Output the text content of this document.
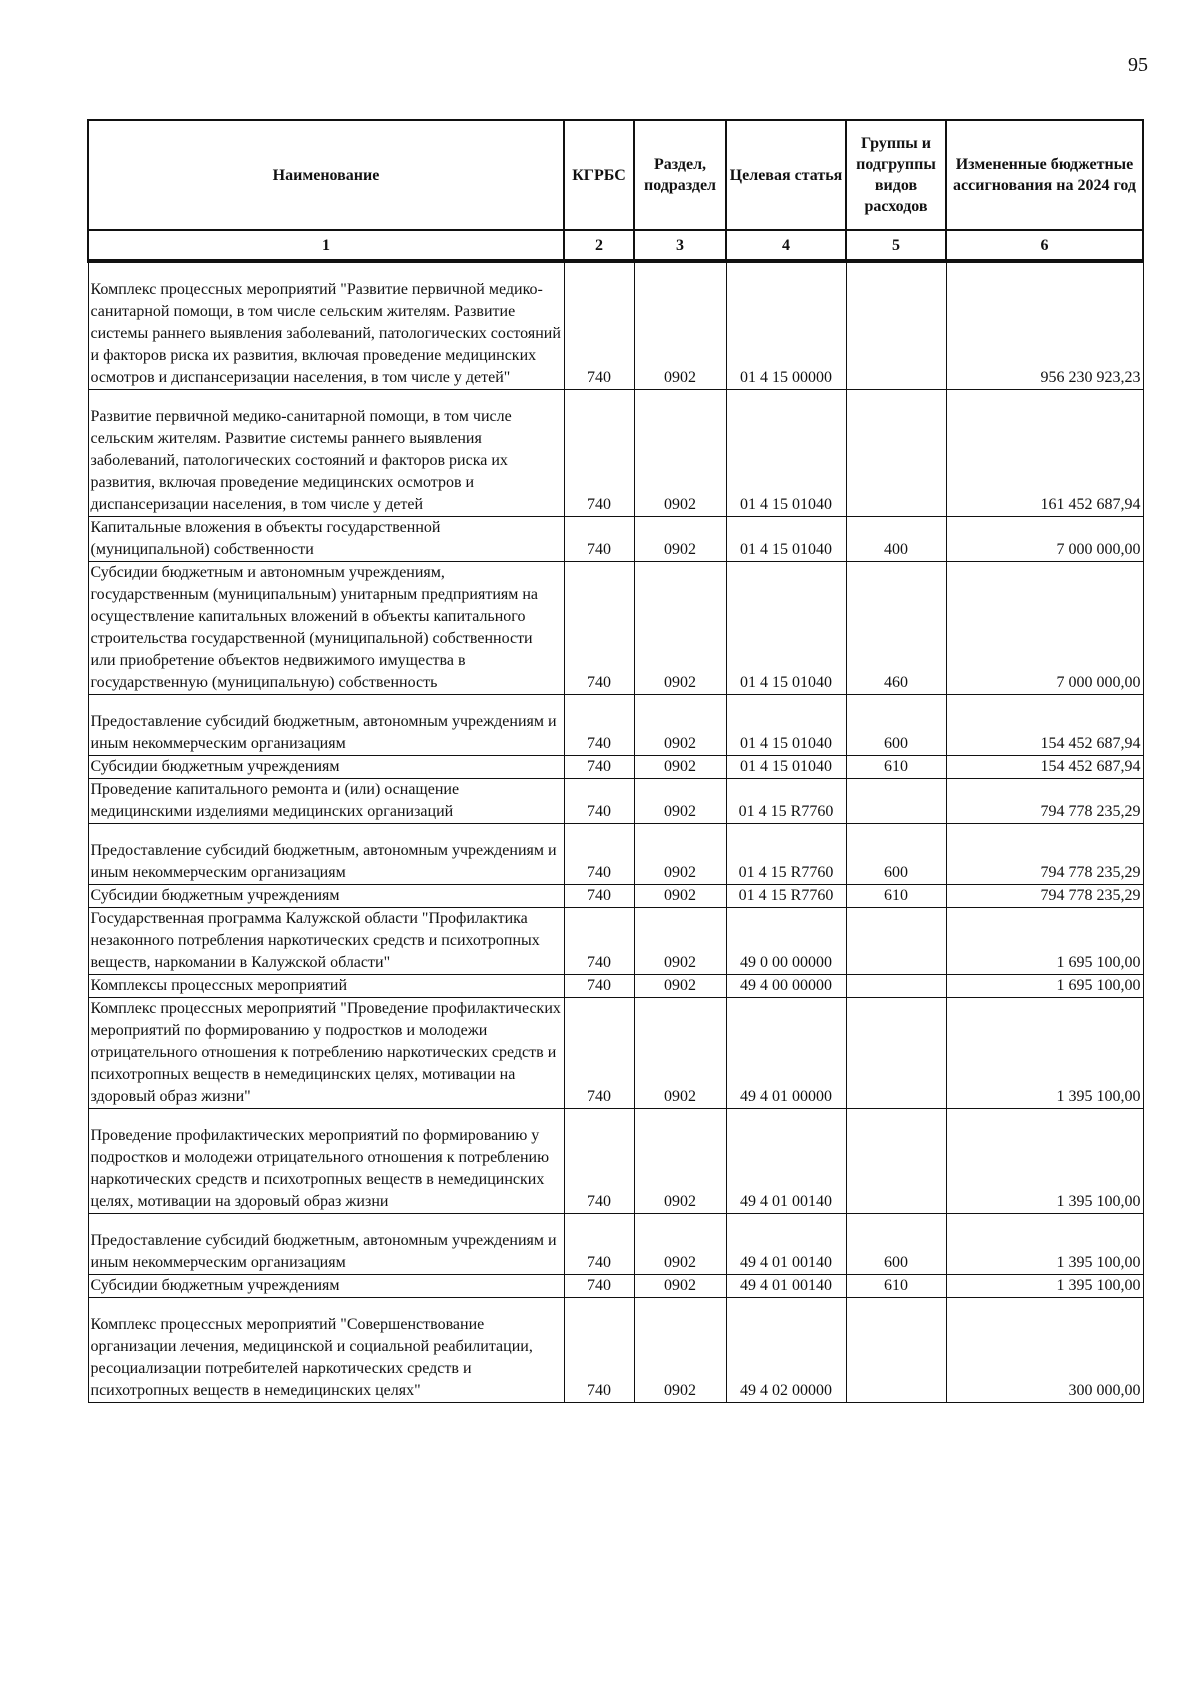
95
Наименование	КГРБС	Раздел, подраздел	Целевая статья	Группы и подгруппы видов расходов	Измененные бюджетные ассигнования на 2024 год
1	2	3	4	5	6
Комплекс процессных мероприятий "Развитие первичной медико-санитарной помощи, в том числе сельским жителям. Развитие системы раннего выявления заболеваний, патологических состояний и факторов риска их развития, включая проведение медицинских осмотров и диспансеризации населения, в том числе у детей"	740	0902	01 4 15 00000		956 230 923,23
Развитие первичной медико-санитарной помощи, в том числе сельским жителям. Развитие системы раннего выявления заболеваний, патологических состояний и факторов риска их развития, включая проведение медицинских осмотров и диспансеризации населения, в том числе у детей	740	0902	01 4 15 01040		161 452 687,94
Капитальные вложения в объекты государственной (муниципальной) собственности	740	0902	01 4 15 01040	400	7 000 000,00
Субсидии бюджетным и автономным учреждениям, государственным (муниципальным) унитарным предприятиям на осуществление капитальных вложений в объекты капитального строительства государственной (муниципальной) собственности или приобретение объектов недвижимого имущества в государственную (муниципальную) собственность	740	0902	01 4 15 01040	460	7 000 000,00
Предоставление субсидий бюджетным, автономным учреждениям и иным некоммерческим организациям	740	0902	01 4 15 01040	600	154 452 687,94
Субсидии бюджетным учреждениям	740	0902	01 4 15 01040	610	154 452 687,94
Проведение капитального ремонта и (или) оснащение медицинскими изделиями медицинских организаций	740	0902	01 4 15 R7760		794 778 235,29
Предоставление субсидий бюджетным, автономным учреждениям и иным некоммерческим организациям	740	0902	01 4 15 R7760	600	794 778 235,29
Субсидии бюджетным учреждениям	740	0902	01 4 15 R7760	610	794 778 235,29
Государственная программа Калужской области "Профилактика незаконного потребления наркотических средств и психотропных веществ, наркомании в Калужской области"	740	0902	49 0 00 00000		1 695 100,00
Комплексы процессных мероприятий	740	0902	49 4 00 00000		1 695 100,00
Комплекс процессных мероприятий "Проведение профилактических мероприятий по формированию у подростков и молодежи отрицательного отношения к потреблению наркотических средств и психотропных веществ в немедицинских целях, мотивации на здоровый образ жизни"	740	0902	49 4 01 00000		1 395 100,00
Проведение профилактических мероприятий по формированию у подростков и молодежи отрицательного отношения к потреблению наркотических средств и психотропных веществ в немедицинских целях, мотивации на здоровый образ жизни	740	0902	49 4 01 00140		1 395 100,00
Предоставление субсидий бюджетным, автономным учреждениям и иным некоммерческим организациям	740	0902	49 4 01 00140	600	1 395 100,00
Субсидии бюджетным учреждениям	740	0902	49 4 01 00140	610	1 395 100,00
Комплекс процессных мероприятий "Совершенствование организации лечения, медицинской и социальной реабилитации, ресоциализации потребителей наркотических средств и психотропных веществ в немедицинских целях"	740	0902	49 4 02 00000		300 000,00
